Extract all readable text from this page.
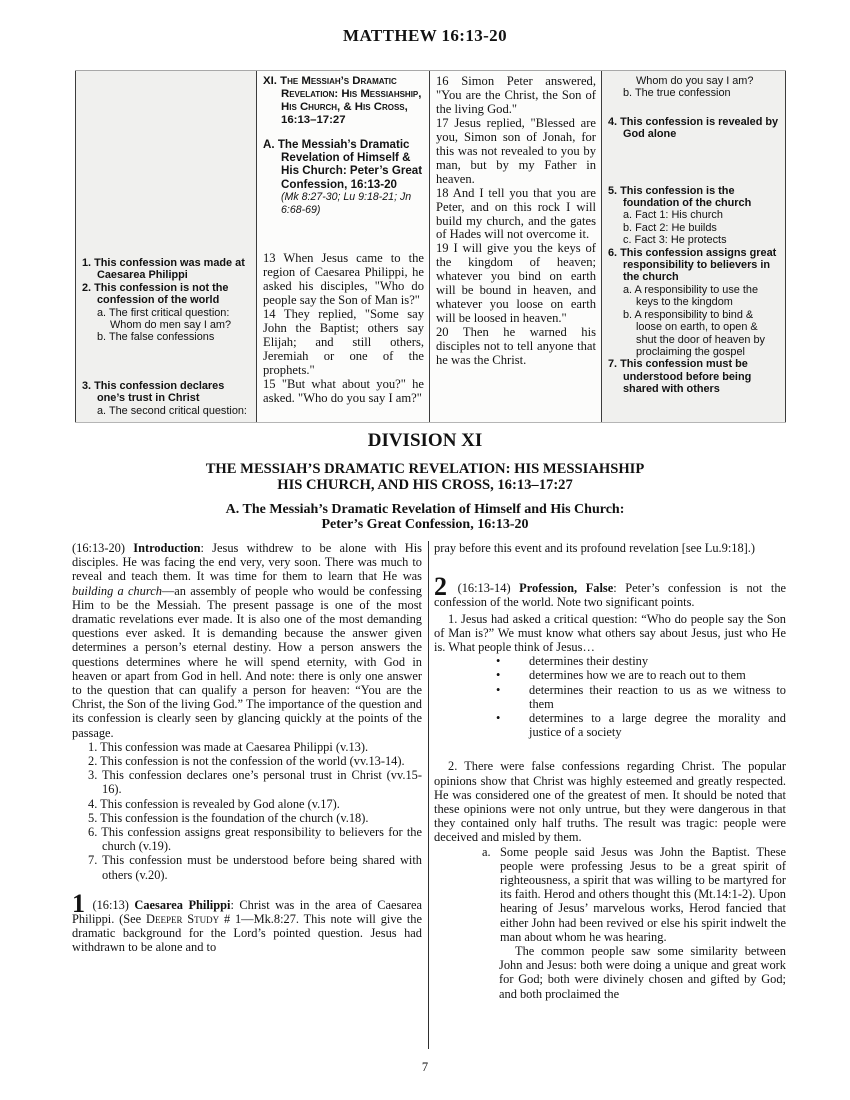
MATTHEW 16:13-20
1. This confession was made at Caesarea Philippi
2. This confession is not the confession of the world
a. The first critical question: Whom do men say I am?
b. The false confessions
3. This confession declares one’s trust in Christ
a. The second critical question:
XI. The Messiah’s Dramatic Revelation: His Messiahship, His Church, & His Cross, 16:13–17:27
A. The Messiah’s Dramatic Revelation of Himself & His Church: Peter’s Great Confession, 16:13-20
(Mk 8:27-30; Lu 9:18-21; Jn 6:68-69)
13 When Jesus came to the region of Caesarea Philippi, he asked his disciples, "Who do people say the Son of Man is?"
14 They replied, "Some say John the Baptist; others say Elijah; and still others, Jeremiah or one of the prophets."
15 "But what about you?" he asked. "Who do you say I am?"
16 Simon Peter answered, "You are the Christ, the Son of the living God."
17 Jesus replied, "Blessed are you, Simon son of Jonah, for this was not revealed to you by man, but by my Father in heaven.
18 And I tell you that you are Peter, and on this rock I will build my church, and the gates of Hades will not overcome it.
19 I will give you the keys of the kingdom of heaven; whatever you bind on earth will be bound in heaven, and whatever you loose on earth will be loosed in heaven."
20 Then he warned his disciples not to tell anyone that he was the Christ.
Whom do you say I am?
b. The true confession
4. This confession is revealed by God alone
5. This confession is the foundation of the church
a. Fact 1: His church
b. Fact 2: He builds
c. Fact 3: He protects
6. This confession assigns great responsibility to believers in the church
a. A responsibility to use the keys to the kingdom
b. A responsibility to bind & loose on earth, to open & shut the door of heaven by proclaiming the gospel
7. This confession must be understood before being shared with others
DIVISION XI
THE MESSIAH’S DRAMATIC REVELATION: HIS MESSIAHSHIP
HIS CHURCH, AND HIS CROSS, 16:13–17:27
A. The Messiah’s Dramatic Revelation of Himself and His Church:
Peter’s Great Confession, 16:13-20
(16:13-20) Introduction: Jesus withdrew to be alone with His disciples. He was facing the end very, very soon. There was much to reveal and teach them. It was time for them to learn that He was building a church—an assembly of people who would be confessing Him to be the Messiah. The present passage is one of the most dramatic revelations ever made. It is also one of the most demanding questions ever asked. It is demanding because the answer given determines a person’s eternal destiny. How a person answers the questions determines where he will spend eternity, with God in heaven or apart from God in hell. And note: there is only one answer to the question that can qualify a person for heaven: “You are the Christ, the Son of the living God.” The importance of the question and its confession is clearly seen by glancing quickly at the points of the passage.
1. This confession was made at Caesarea Philippi (v.13).
2. This confession is not the confession of the world (vv.13-14).
3. This confession declares one’s personal trust in Christ (vv.15-16).
4. This confession is revealed by God alone (v.17).
5. This confession is the foundation of the church (v.18).
6. This confession assigns great responsibility to believers for the church (v.19).
7. This confession must be understood before being shared with others (v.20).
1 (16:13) Caesarea Philippi: Christ was in the area of Caesarea Philippi. (See Deeper Study # 1—Mk.8:27. This note will give the dramatic background for the Lord’s pointed question. Jesus had withdrawn to be alone and to
pray before this event and its profound revelation [see Lu.9:18].)
2 (16:13-14) Profession, False: Peter’s confession is not the confession of the world. Note two significant points.
1. Jesus had asked a critical question: “Who do people say the Son of Man is?” We must know what others say about Jesus, just who He is. What people think of Jesus…
•	determines their destiny
•	determines how we are to reach out to them
•	determines their reaction to us as we witness to them
•	determines to a large degree the morality and justice of a society
2. There were false confessions regarding Christ. The popular opinions show that Christ was highly esteemed and greatly respected. He was considered one of the greatest of men. It should be noted that these opinions were not only untrue, but they were dangerous in that they contained only half truths. The result was tragic: people were deceived and misled by them.
a. Some people said Jesus was John the Baptist. These people were professing Jesus to be a great spirit of righteousness, a spirit that was willing to be martyred for its faith. Herod and others thought this (Mt.14:1-2). Upon hearing of Jesus’ marvelous works, Herod fancied that either John had been revived or else his spirit indwelt the man about whom he was hearing.
The common people saw some similarity between John and Jesus: both were doing a unique and great work for God; both were divinely chosen and gifted by God; and both proclaimed the
7
